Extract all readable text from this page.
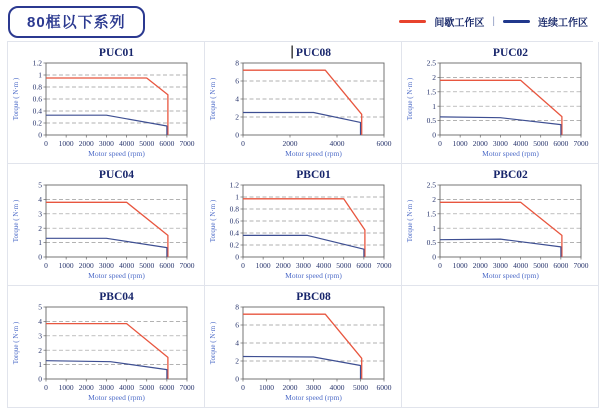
80框以下系列	间歇工作区 |	连续工作区
0
0.2
0.4
0.6
0.8
1
1.2
0 1000 2000 3000 4000 5000 6000 7000
PUC01
Motor speed (rpm)
Torque ( N·m )
0
2
4
6
8
0	2000	4000	6000
PUC08
Motor speed (rpm)
Torque ( N·m )
0
0.5
1
1.5
2
2.5
0 1000 2000 3000 4000 5000 6000 7000
PUC02
Motor speed (rpm)
Torque ( N·m )
0
1
2
3
4
5
0 1000 2000 3000 4000 5000 6000 7000
PUC04
Motor speed (rpm)
Torque ( N·m )
0
0.2
0.4
0.6
0.8
1
1.2
0 1000 2000 3000 4000 5000 6000 7000
PBC01
Motor speed (rpm)
Torque ( N·m )
0
0.5
1
1.5
2
2.5
0 1000 2000 3000 4000 5000 6000 7000
PBC02
Motor speed (rpm)
Torque ( N·m )
0
1
2
3
4
5
0 1000 2000 3000 4000 5000 6000 7000
PBC04
Motor speed (rpm)
Torque ( N·m )
0
2
4
6
8
0 1000 2000 3000 4000 5000 6000
PBC08
Motor speed (rpm)
Torque ( N·m )
